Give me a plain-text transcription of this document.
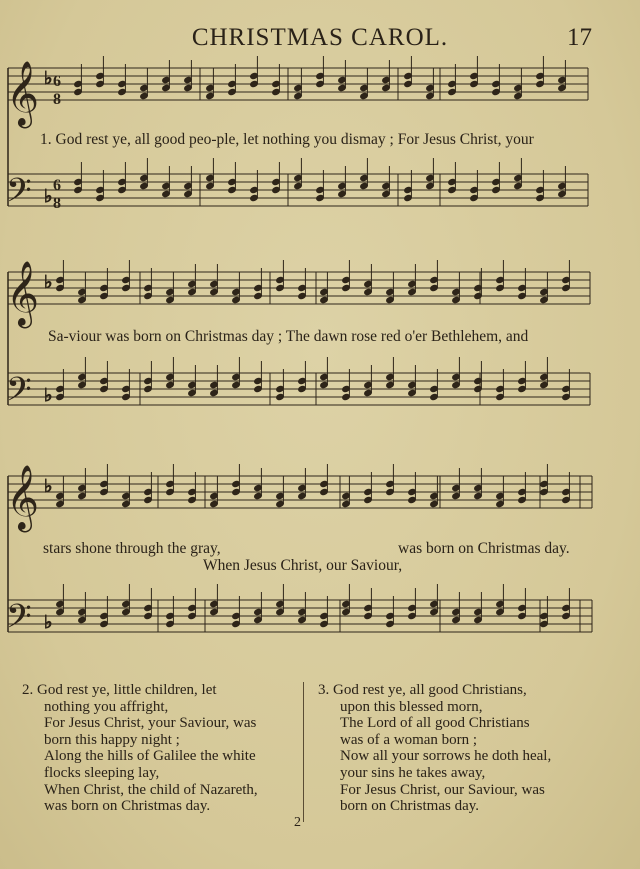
CHRISTMAS CAROL.	17
♭
♭
♭
♭
♭
♭
𝄞
𝄢
𝄞
𝄢
𝄞
𝄢
6
8
6
8
1. God rest ye, all good peo-ple, let nothing you dismay ; For Jesus Christ, your
Sa-viour was born on Christmas day ; The dawn rose red o'er Bethlehem, and
stars shone through the gray,	was born on Christmas day.
When Jesus Christ, our Saviour,
2. God rest ye, little children, let
nothing you affright,
For Jesus Christ, your Saviour, was
born this happy night ;
Along the hills of Galilee the white
flocks sleeping lay,
When Christ, the child of Nazareth,
was born on Christmas day.
3. God rest ye, all good Christians,
upon this blessed morn,
The Lord of all good Christians
was of a woman born ;
Now all your sorrows he doth heal,
your sins he takes away,
For Jesus Christ, our Saviour, was
born on Christmas day.
2
